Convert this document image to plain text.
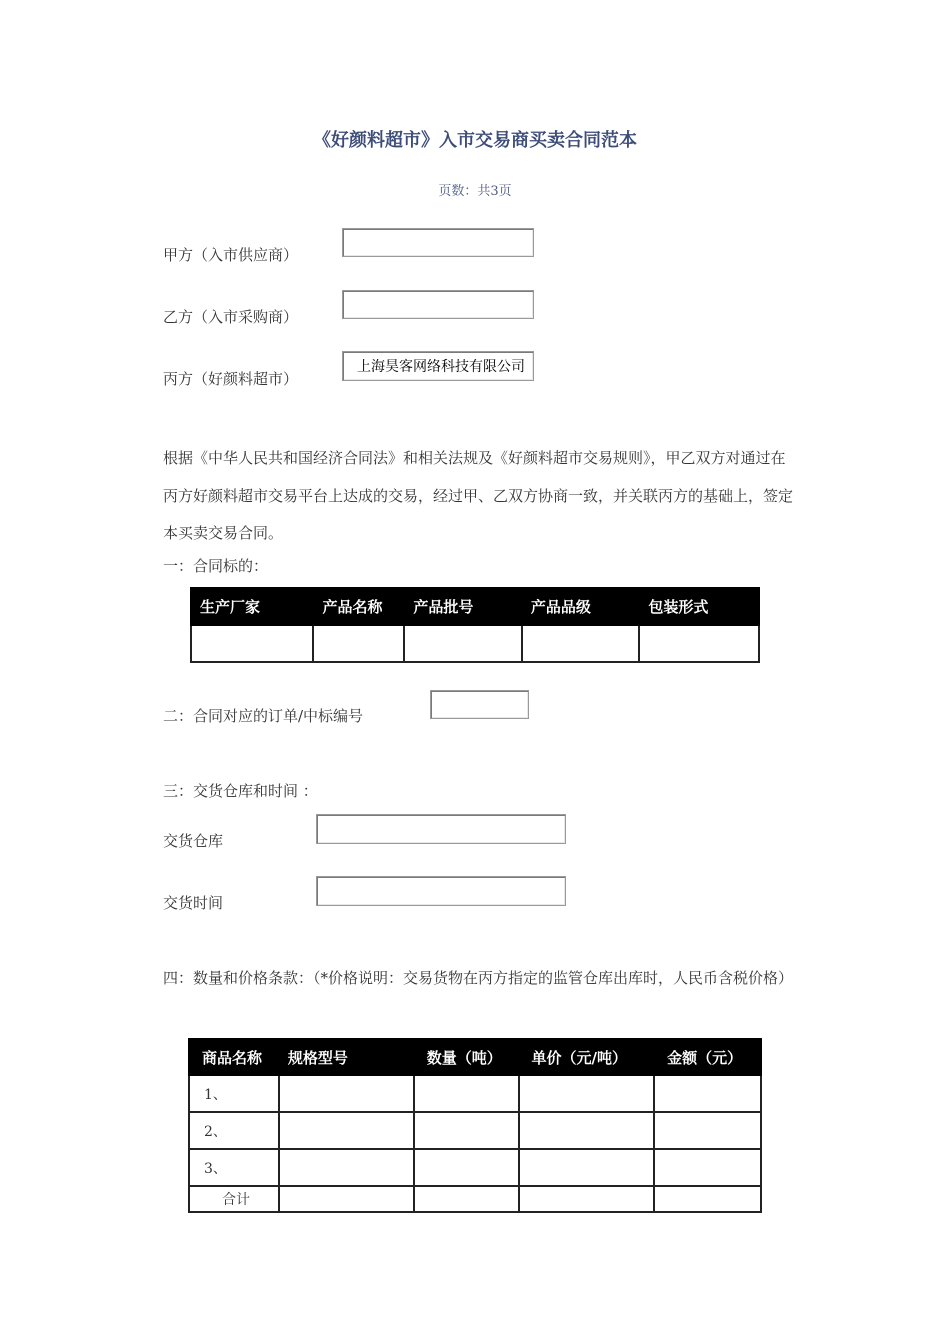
《好颜料超市》入市交易商买卖合同范本
页数：共3页
甲方（入市供应商）
乙方（入市采购商）
丙方（好颜料超市）
上海昊客网络科技有限公司
根据《中华人民共和国经济合同法》和相关法规及《好颜料超市交易规则》，甲乙双方对通过在丙方好颜料超市交易平台上达成的交易，经过甲、乙双方协商一致，并关联丙方的基础上，签定本买卖交易合同。
一：合同标的：
生产厂家	产品名称	产品批号	产品品级	包装形式

二：合同对应的订单/中标编号
三：交货仓库和时间 ：
交货仓库
交货时间
四：数量和价格条款：（*价格说明：交易货物在丙方指定的监管仓库出库时，人民币含税价格）
商品名称	规格型号	数量（吨）	单价（元/吨）	金额（元）
1、				
2、				
3、				
合计				
